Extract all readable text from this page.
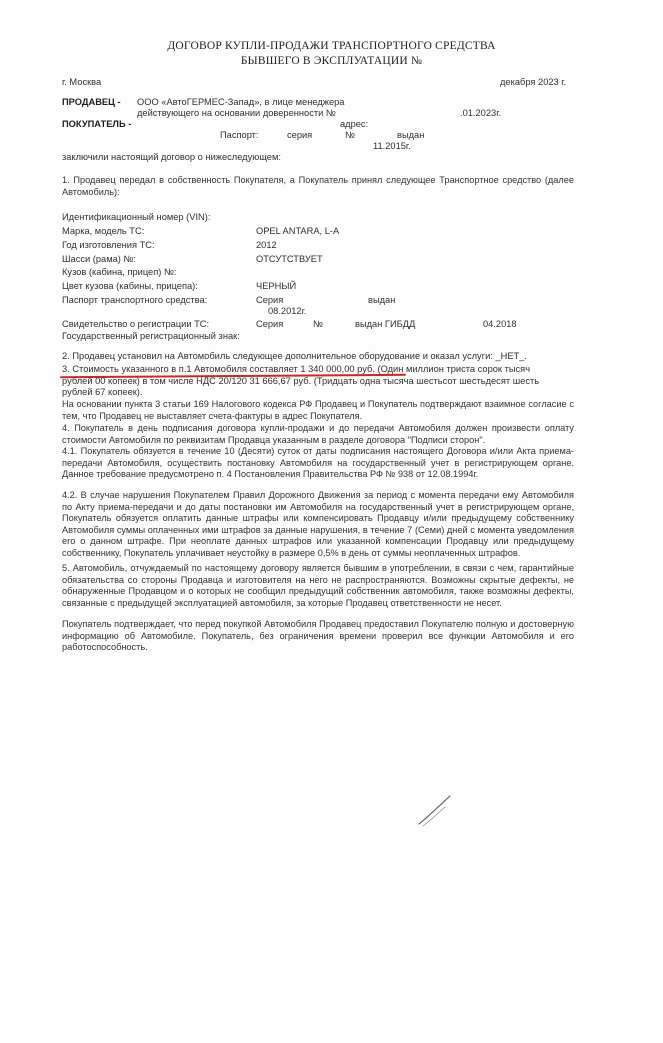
ДОГОВОР КУПЛИ-ПРОДАЖИ ТРАНСПОРТНОГО СРЕДСТВА
БЫВШЕГО В ЭКСПЛУАТАЦИИ №
г. Москва	декабря 2023 г.
ПРОДАВЕЦ - ООО «АвтоГЕРМЕС-Запад», в лице менеджера
действующего на основании доверенности №	.01.2023г.
ПОКУПАТЕЛЬ -	адрес:
Паспорт:	серия	№	выдан
11.2015г.
заключили настоящий договор о нижеследующем:
1. Продавец передал в собственность Покупателя, а Покупатель принял следующее Транспортное средство (далее Автомобиль):
Идентификационный номер (VIN):
Марка, модель ТС:	OPEL ANTARA, L-A
Год изготовления ТС:	2012
Шасси (рама) №:	ОТСУТСТВУЕТ
Кузов (кабина, прицеп) №:
Цвет кузова (кабины, прицепа):	ЧЕРНЫЙ
Паспорт транспортного средства:	Серия	выдан
08.2012г.
Свидетельство о регистрации ТС:	Серия	№	выдан ГИБДД	04.2018
Государственный регистрационный знак:
2. Продавец установил на Автомобиль следующее дополнительное оборудование и оказал услуги: _НЕТ_.
3. Стоимость указанного в п.1 Автомобиля составляет 1 340 000,00 руб. (Один миллион триста сорок тысяч
рублей 00 копеек) в том числе НДС 20/120 31 666,67 руб. (Тридцать одна тысяча шестьсот шестьдесят шесть
рублей 67 копеек).
На основании пункта 3 статьи 169 Налогового кодекса РФ Продавец и Покупатель подтверждают взаимное согласие с тем, что Продавец не выставляет счета-фактуры в адрес Покупателя.
4. Покупатель в день подписания договора купли-продажи и до передачи Автомобиля должен произвести оплату стоимости Автомобиля по реквизитам Продавца указанным в разделе договора "Подписи сторон".
4.1. Покупатель обязуется в течение 10 (Десяти) суток от даты подписания настоящего Договора и/или Акта приема-передачи Автомобиля, осуществить постановку Автомобиля на государственный учет в регистрирующем органе. Данное требование предусмотрено п. 4 Постановления Правительства РФ № 938 от 12.08.1994г.
4.2. В случае нарушения Покупателем Правил Дорожного Движения за период с момента передачи ему Автомобиля по Акту приема-передачи и до даты постановки им Автомобиля на государственный учет в регистрирующем органе, Покупатель обязуется оплатить данные штрафы или компенсировать Продавцу и/или предыдущему собственнику Автомобиля суммы оплаченных ими штрафов за данные нарушения, в течение 7 (Семи) дней с момента уведомления его о данном штрафе. При неоплате данных штрафов или указанной компенсации Продавцу или предыдущему собственнику, Покупатель уплачивает неустойку в размере 0,5% в день от суммы неоплаченных штрафов.
5. Автомобиль, отчуждаемый по настоящему договору является бывшим в употреблении, в связи с чем, гарантийные обязательства со стороны Продавца и изготовителя на него не распространяются. Возможны скрытые дефекты, не обнаруженные Продавцом и о которых не сообщил предыдущий собственник автомобиля, также возможны дефекты, связанные с предыдущей эксплуатацией автомобиля, за которые Продавец ответственности не несет.
Покупатель подтверждает, что перед покупкой Автомобиля Продавец предоставил Покупателю полную и достоверную информацию об Автомобиле. Покупатель, без ограничения времени проверил все функции Автомобиля и его работоспособность.
